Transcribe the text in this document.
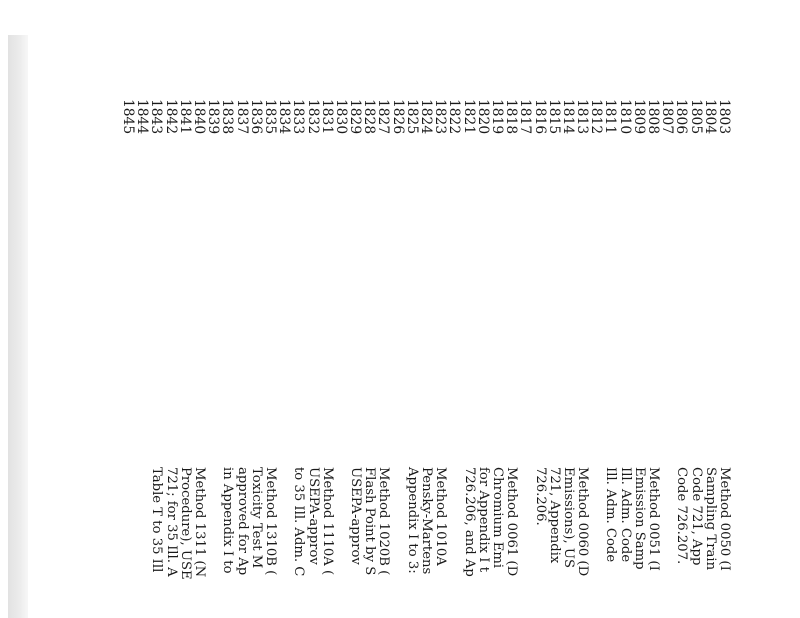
1803
1804
1805
1806
1807
1808
1809
1810
1811
1812
1813
1814
1815
1816
1817
1818
1819
1820
1821
1822
1823
1824
1825
1826
1827
1828
1829
1830
1831
1832
1833
1834
1835
1836
1837
1838
1839
1840
1841
1842
1843
1844
1845
Method 0050 (I
Sampling Train
Code 721, App
Code 726.207.
Method 0051 (I
Emission Samp
Ill. Adm. Code
Ill. Adm. Code
Method 0060 (D
Emissions), US
721, Appendix
726.206.
Method 0061 (D
Chromium Emi
for Appendix I t
726.206, and Ap
Method 1010A
Pensky-Martens
Appendix I to 3:
Method 1020B (
Flash Point by S
USEPA-approv
Method 1110A (
USEPA-approv
to 35 Ill. Adm. C
Method 1310B (
Toxicity Test M
approved for Ap
in Appendix I to
Method 1311 (N
Procedure), USE
721; for 35 Ill. A
Table T to 35 Ill
